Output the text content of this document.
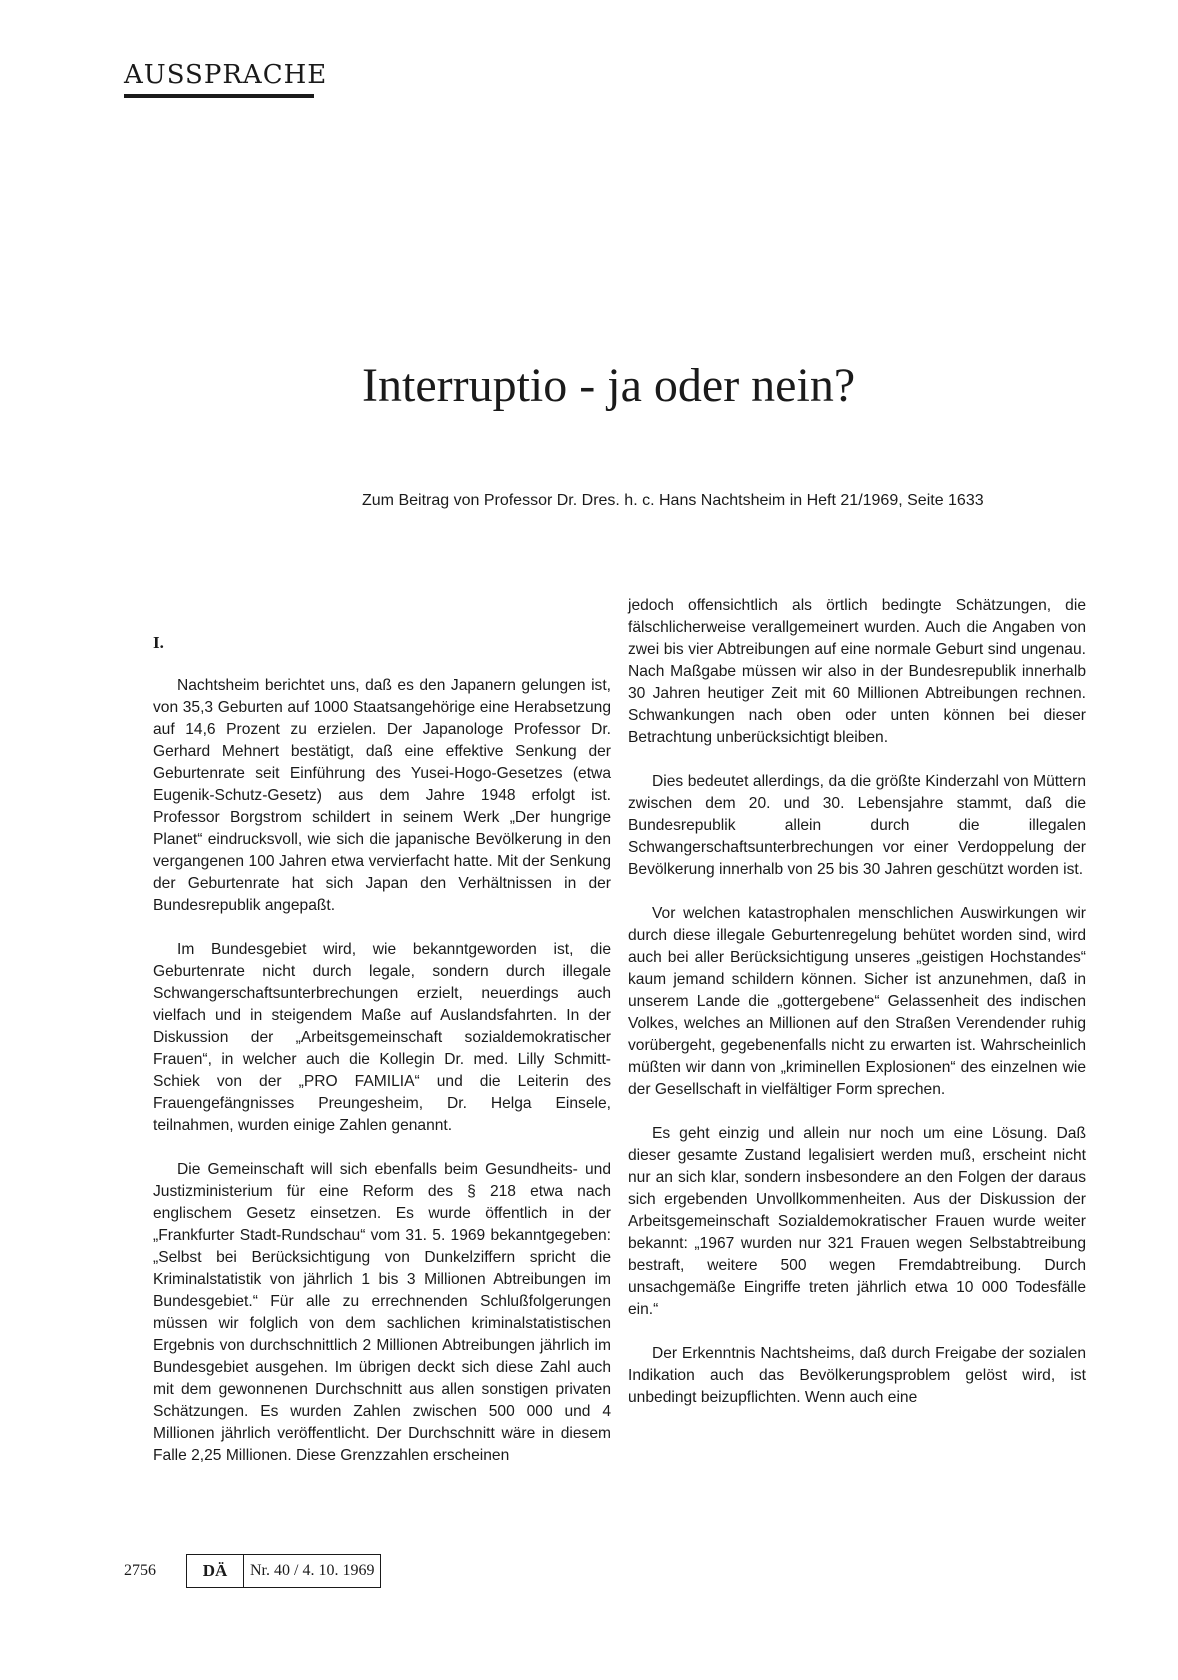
AUSSPRACHE
Interruptio - ja oder nein?
Zum Beitrag von Professor Dr. Dres. h. c. Hans Nachtsheim in Heft 21/1969, Seite 1633
I.

Nachtsheim berichtet uns, daß es den Japanern gelungen ist, von 35,3 Geburten auf 1000 Staatsangehörige eine Herabsetzung auf 14,6 Prozent zu erzielen. Der Japanologe Professor Dr. Gerhard Mehnert bestätigt, daß eine effektive Senkung der Geburtenrate seit Einführung des Yusei-Hogo-Gesetzes (etwa Eugenik-Schutz-Gesetz) aus dem Jahre 1948 erfolgt ist. Professor Borgstrom schildert in seinem Werk „Der hungrige Planet“ eindrucksvoll, wie sich die japanische Bevölkerung in den vergangenen 100 Jahren etwa vervierfacht hatte. Mit der Senkung der Geburtenrate hat sich Japan den Verhältnissen in der Bundesrepublik angepaßt.

Im Bundesgebiet wird, wie bekanntgeworden ist, die Geburtenrate nicht durch legale, sondern durch illegale Schwangerschaftsunterbrechungen erzielt, neuerdings auch vielfach und in steigendem Maße auf Auslandsfahrten. In der Diskussion der „Arbeitsgemeinschaft sozialdemokratischer Frauen“, in welcher auch die Kollegin Dr. med. Lilly Schmitt-Schiek von der „PRO FAMILIA“ und die Leiterin des Frauengefängnisses Preungesheim, Dr. Helga Einsele, teilnahmen, wurden einige Zahlen genannt.

Die Gemeinschaft will sich ebenfalls beim Gesundheits- und Justizministerium für eine Reform des § 218 etwa nach englischem Gesetz einsetzen. Es wurde öffentlich in der „Frankfurter Stadt-Rundschau“ vom 31. 5. 1969 bekanntgegeben: „Selbst bei Berücksichtigung von Dunkelziffern spricht die Kriminalstatistik von jährlich 1 bis 3 Millionen Abtreibungen im Bundesgebiet.“ Für alle zu errechnenden Schlußfolgerungen müssen wir folglich von dem sachlichen kriminalstatistischen Ergebnis von durchschnittlich 2 Millionen Abtreibungen jährlich im Bundesgebiet ausgehen. Im übrigen deckt sich diese Zahl auch mit dem gewonnenen Durchschnitt aus allen sonstigen privaten Schätzungen. Es wurden Zahlen zwischen 500 000 und 4 Millionen jährlich veröffentlicht. Der Durchschnitt wäre in diesem Falle 2,25 Millionen. Diese Grenzzahlen erscheinen

jedoch offensichtlich als örtlich bedingte Schätzungen, die fälschlicherweise verallgemeinert wurden. Auch die Angaben von zwei bis vier Abtreibungen auf eine normale Geburt sind ungenau. Nach Maßgabe müssen wir also in der Bundesrepublik innerhalb 30 Jahren heutiger Zeit mit 60 Millionen Abtreibungen rechnen. Schwankungen nach oben oder unten können bei dieser Betrachtung unberücksichtigt bleiben.

Dies bedeutet allerdings, da die größte Kinderzahl von Müttern zwischen dem 20. und 30. Lebensjahre stammt, daß die Bundesrepublik allein durch die illegalen Schwangerschaftsunterbrechungen vor einer Verdoppelung der Bevölkerung innerhalb von 25 bis 30 Jahren geschützt worden ist.

Vor welchen katastrophalen menschlichen Auswirkungen wir durch diese illegale Geburtenregelung behütet worden sind, wird auch bei aller Berücksichtigung unseres „geistigen Hochstandes“ kaum jemand schildern können. Sicher ist anzunehmen, daß in unserem Lande die „gottergebene“ Gelassenheit des indischen Volkes, welches an Millionen auf den Straßen Verendender ruhig vorübergeht, gegebenenfalls nicht zu erwarten ist. Wahrscheinlich müßten wir dann von „kriminellen Explosionen“ des einzelnen wie der Gesellschaft in vielfältiger Form sprechen.

Es geht einzig und allein nur noch um eine Lösung. Daß dieser gesamte Zustand legalisiert werden muß, erscheint nicht nur an sich klar, sondern insbesondere an den Folgen der daraus sich ergebenden Unvollkommenheiten. Aus der Diskussion der Arbeitsgemeinschaft Sozialdemokratischer Frauen wurde weiter bekannt: „1967 wurden nur 321 Frauen wegen Selbstabtreibung bestraft, weitere 500 wegen Fremdabtreibung. Durch unsachgemäße Eingriffe treten jährlich etwa 10 000 Todesfälle ein.“

Der Erkenntnis Nachtsheims, daß durch Freigabe der sozialen Indikation auch das Bevölkerungsproblem gelöst wird, ist unbedingt beizupflichten. Wenn auch eine

2756	DÄ	Nr. 40 / 4. 10. 1969
